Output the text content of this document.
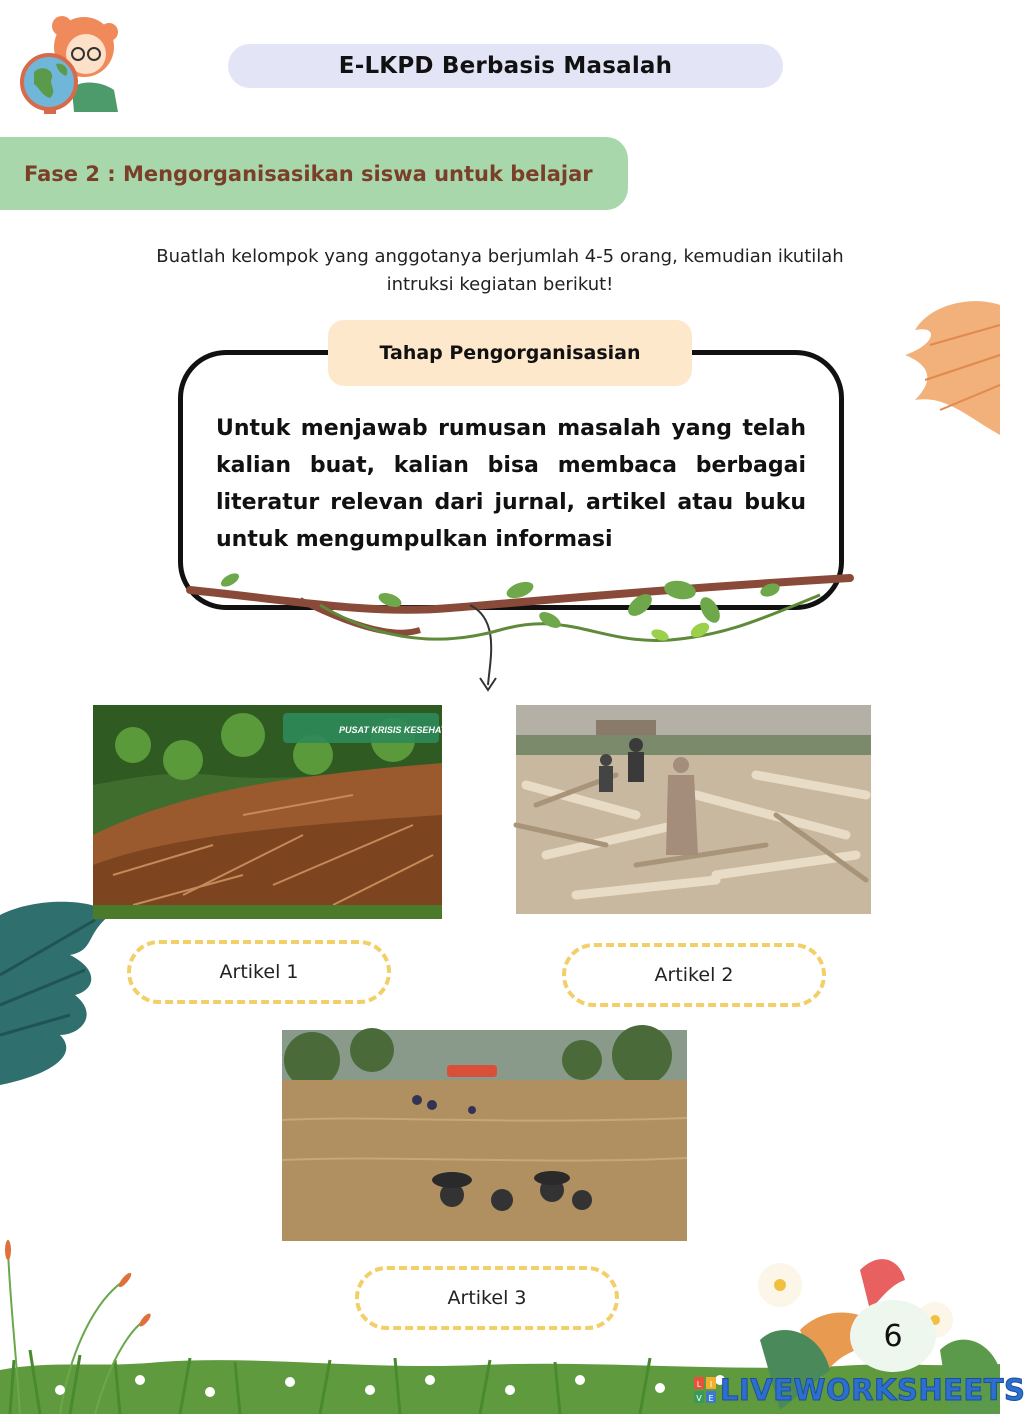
E-LKPD Berbasis Masalah
Fase 2 : Mengorganisasikan siswa untuk belajar
Buatlah kelompok yang anggotanya berjumlah 4-5 orang, kemudian ikutilah
intruksi kegiatan berikut!
Tahap Pengorganisasian
Untuk menjawab rumusan masalah yang telah kalian buat, kalian bisa membaca berbagai literatur relevan dari jurnal, artikel atau buku untuk mengumpulkan informasi
PUSAT KRISIS KESEHATAN
Artikel 1	Artikel 2
Artikel 3
6
L I
V E LIVEWORKSHEETS
